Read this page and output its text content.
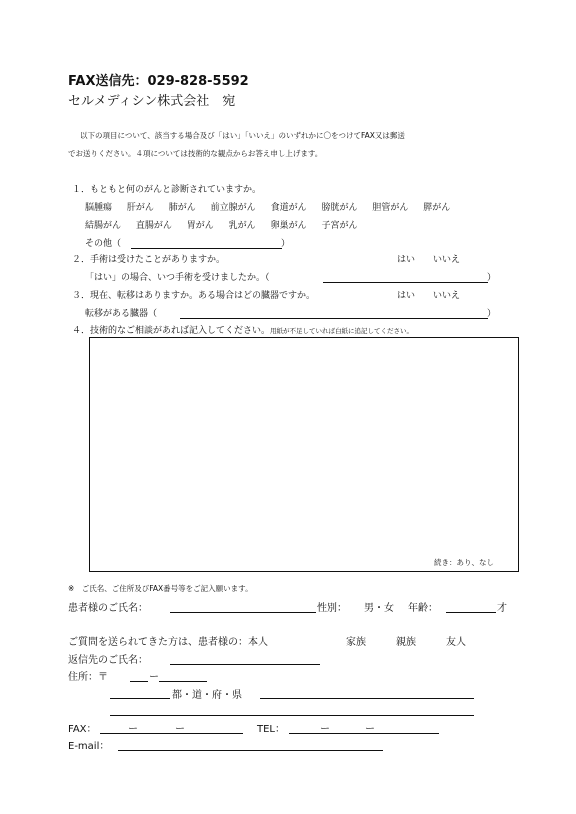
FAX送信先：029-828-5592
セルメディシン株式会社　宛
以下の項目について、該当する場合及び「はい」「いいえ」のいずれかに〇をつけてFAX又は郵送
でお送りください。４項については技術的な観点からお答え申し上げます。
１．もともと何のがんと診断されていますか。
脳腫瘍 肝がん 肺がん 前立腺がん 食道がん 膀胱がん 胆管がん 膵がん
結腸がん 直腸がん 胃がん 乳がん 卵巣がん 子宮がん
その他（	）
２．手術は受けたことがありますか。	はい いいえ
「はい」の場合、いつ手術を受けましたか。（	）
３．現在、転移はありますか。ある場合はどの臓器ですか。	はい いいえ
転移がある臓器（	）
４．技術的なご相談があれば記入してください。用紙が不足していれば白紙に追記してください。
続き：あり、なし
※　ご氏名、ご住所及びFAX番号等をご記入願います。
患者様のご氏名：	性別： 男・女 年齢：	才
ご質問を送られてきた方は、患者様の：本人	家族	親族	友人
返信先のご氏名：
住所：〒	ー
都・道・府・県
FAX：	ー	ー	TEL：	ー	ー
E-mail：
